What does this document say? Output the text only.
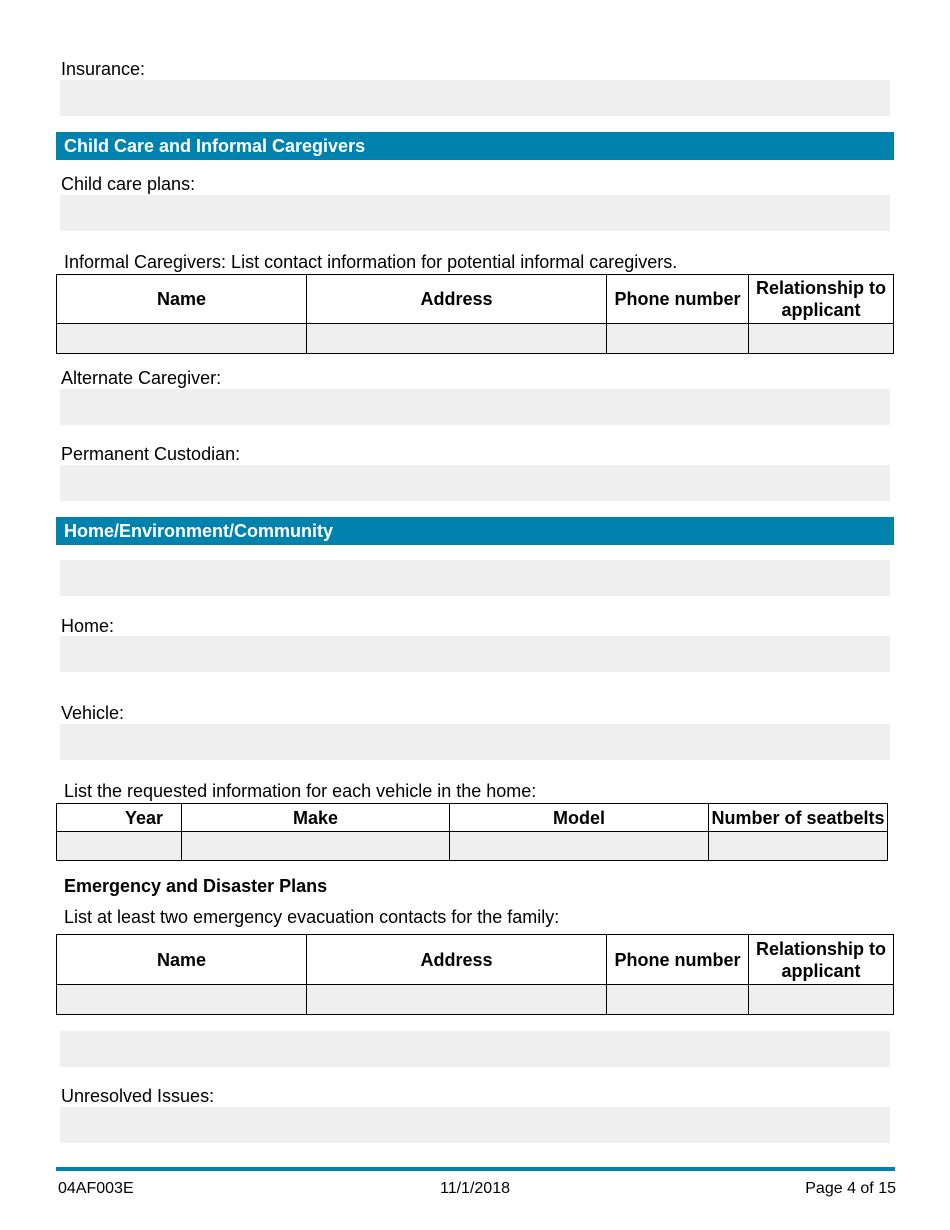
Insurance:
Child Care and Informal Caregivers
Child care plans:
Informal Caregivers: List contact information for potential informal caregivers.
Name	Address	Phone number	Relationship to applicant

Alternate Caregiver:
Permanent Custodian:
Home/Environment/Community
Home:
Vehicle:
List the requested information for each vehicle in the home:
Year	Make	Model	Number of seatbelts

Emergency and Disaster Plans
List at least two emergency evacuation contacts for the family:
Name	Address	Phone number	Relationship to applicant

Unresolved Issues:
04AF003E	11/1/2018	Page 4 of 15
